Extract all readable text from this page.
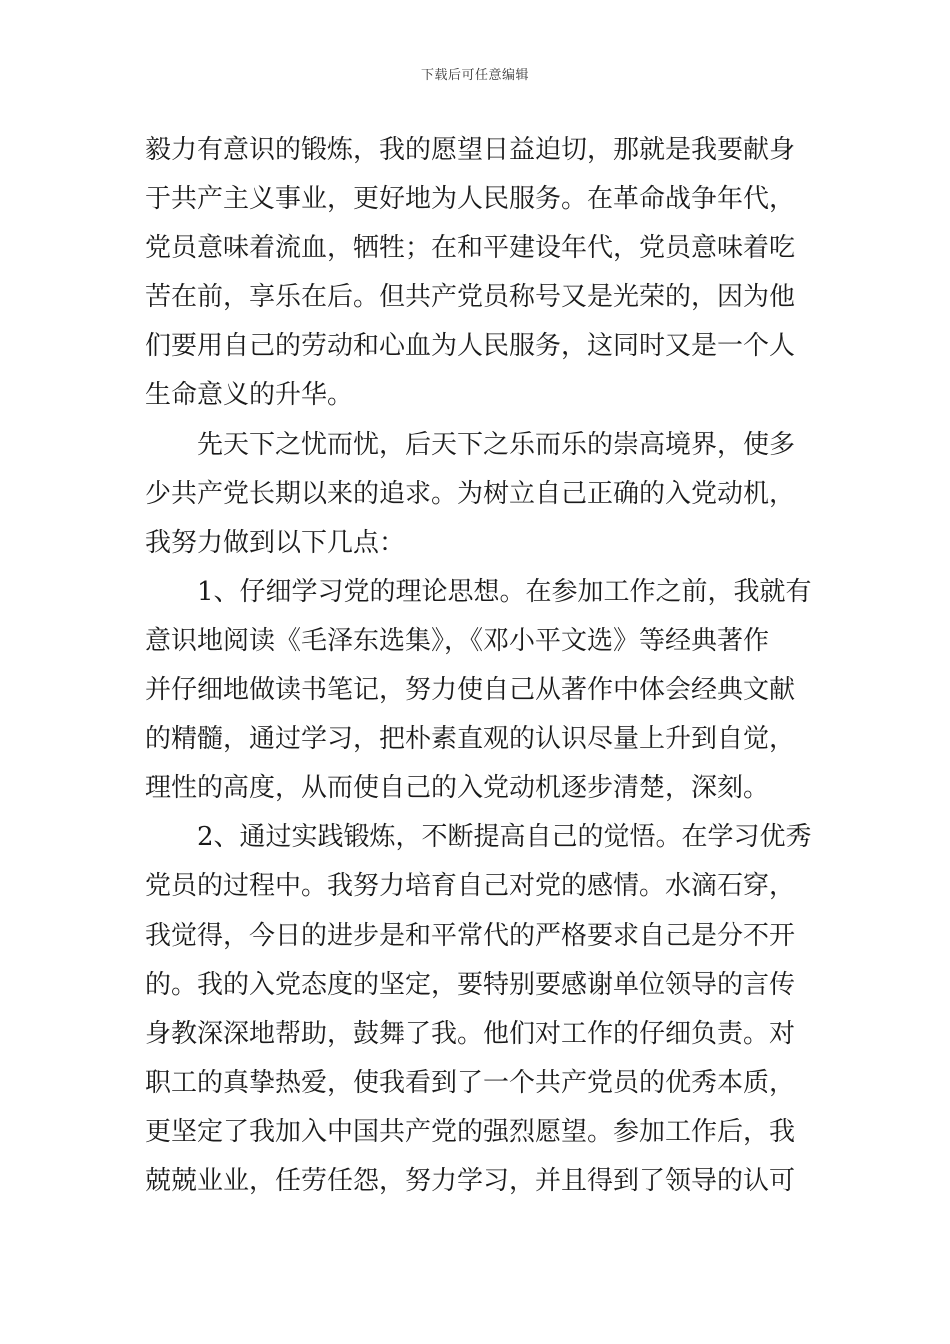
下载后可任意编辑
毅力有意识的锻炼，我的愿望日益迫切，那就是我要献身
于共产主义事业，更好地为人民服务。在革命战争年代，
党员意味着流血，牺牲；在和平建设年代，党员意味着吃
苦在前，享乐在后。但共产党员称号又是光荣的，因为他
们要用自己的劳动和心血为人民服务，这同时又是一个人
生命意义的升华。
先天下之忧而忧，后天下之乐而乐的崇高境界，使多
少共产党长期以来的追求。为树立自己正确的入党动机，
我努力做到以下几点：
1、仔细学习党的理论思想。在参加工作之前，我就有
意识地阅读《毛泽东选集》，《邓小平文选》等经典著作
并仔细地做读书笔记，努力使自己从著作中体会经典文献
的精髓，通过学习，把朴素直观的认识尽量上升到自觉，
理性的高度，从而使自己的入党动机逐步清楚，深刻。
2、通过实践锻炼，不断提高自己的觉悟。在学习优秀
党员的过程中。我努力培育自己对党的感情。水滴石穿，
我觉得，今日的进步是和平常代的严格要求自己是分不开
的。我的入党态度的坚定，要特别要感谢单位领导的言传
身教深深地帮助，鼓舞了我。他们对工作的仔细负责。对
职工的真挚热爱，使我看到了一个共产党员的优秀本质，
更坚定了我加入中国共产党的强烈愿望。参加工作后，我
兢兢业业，任劳任怨，努力学习，并且得到了领导的认可
